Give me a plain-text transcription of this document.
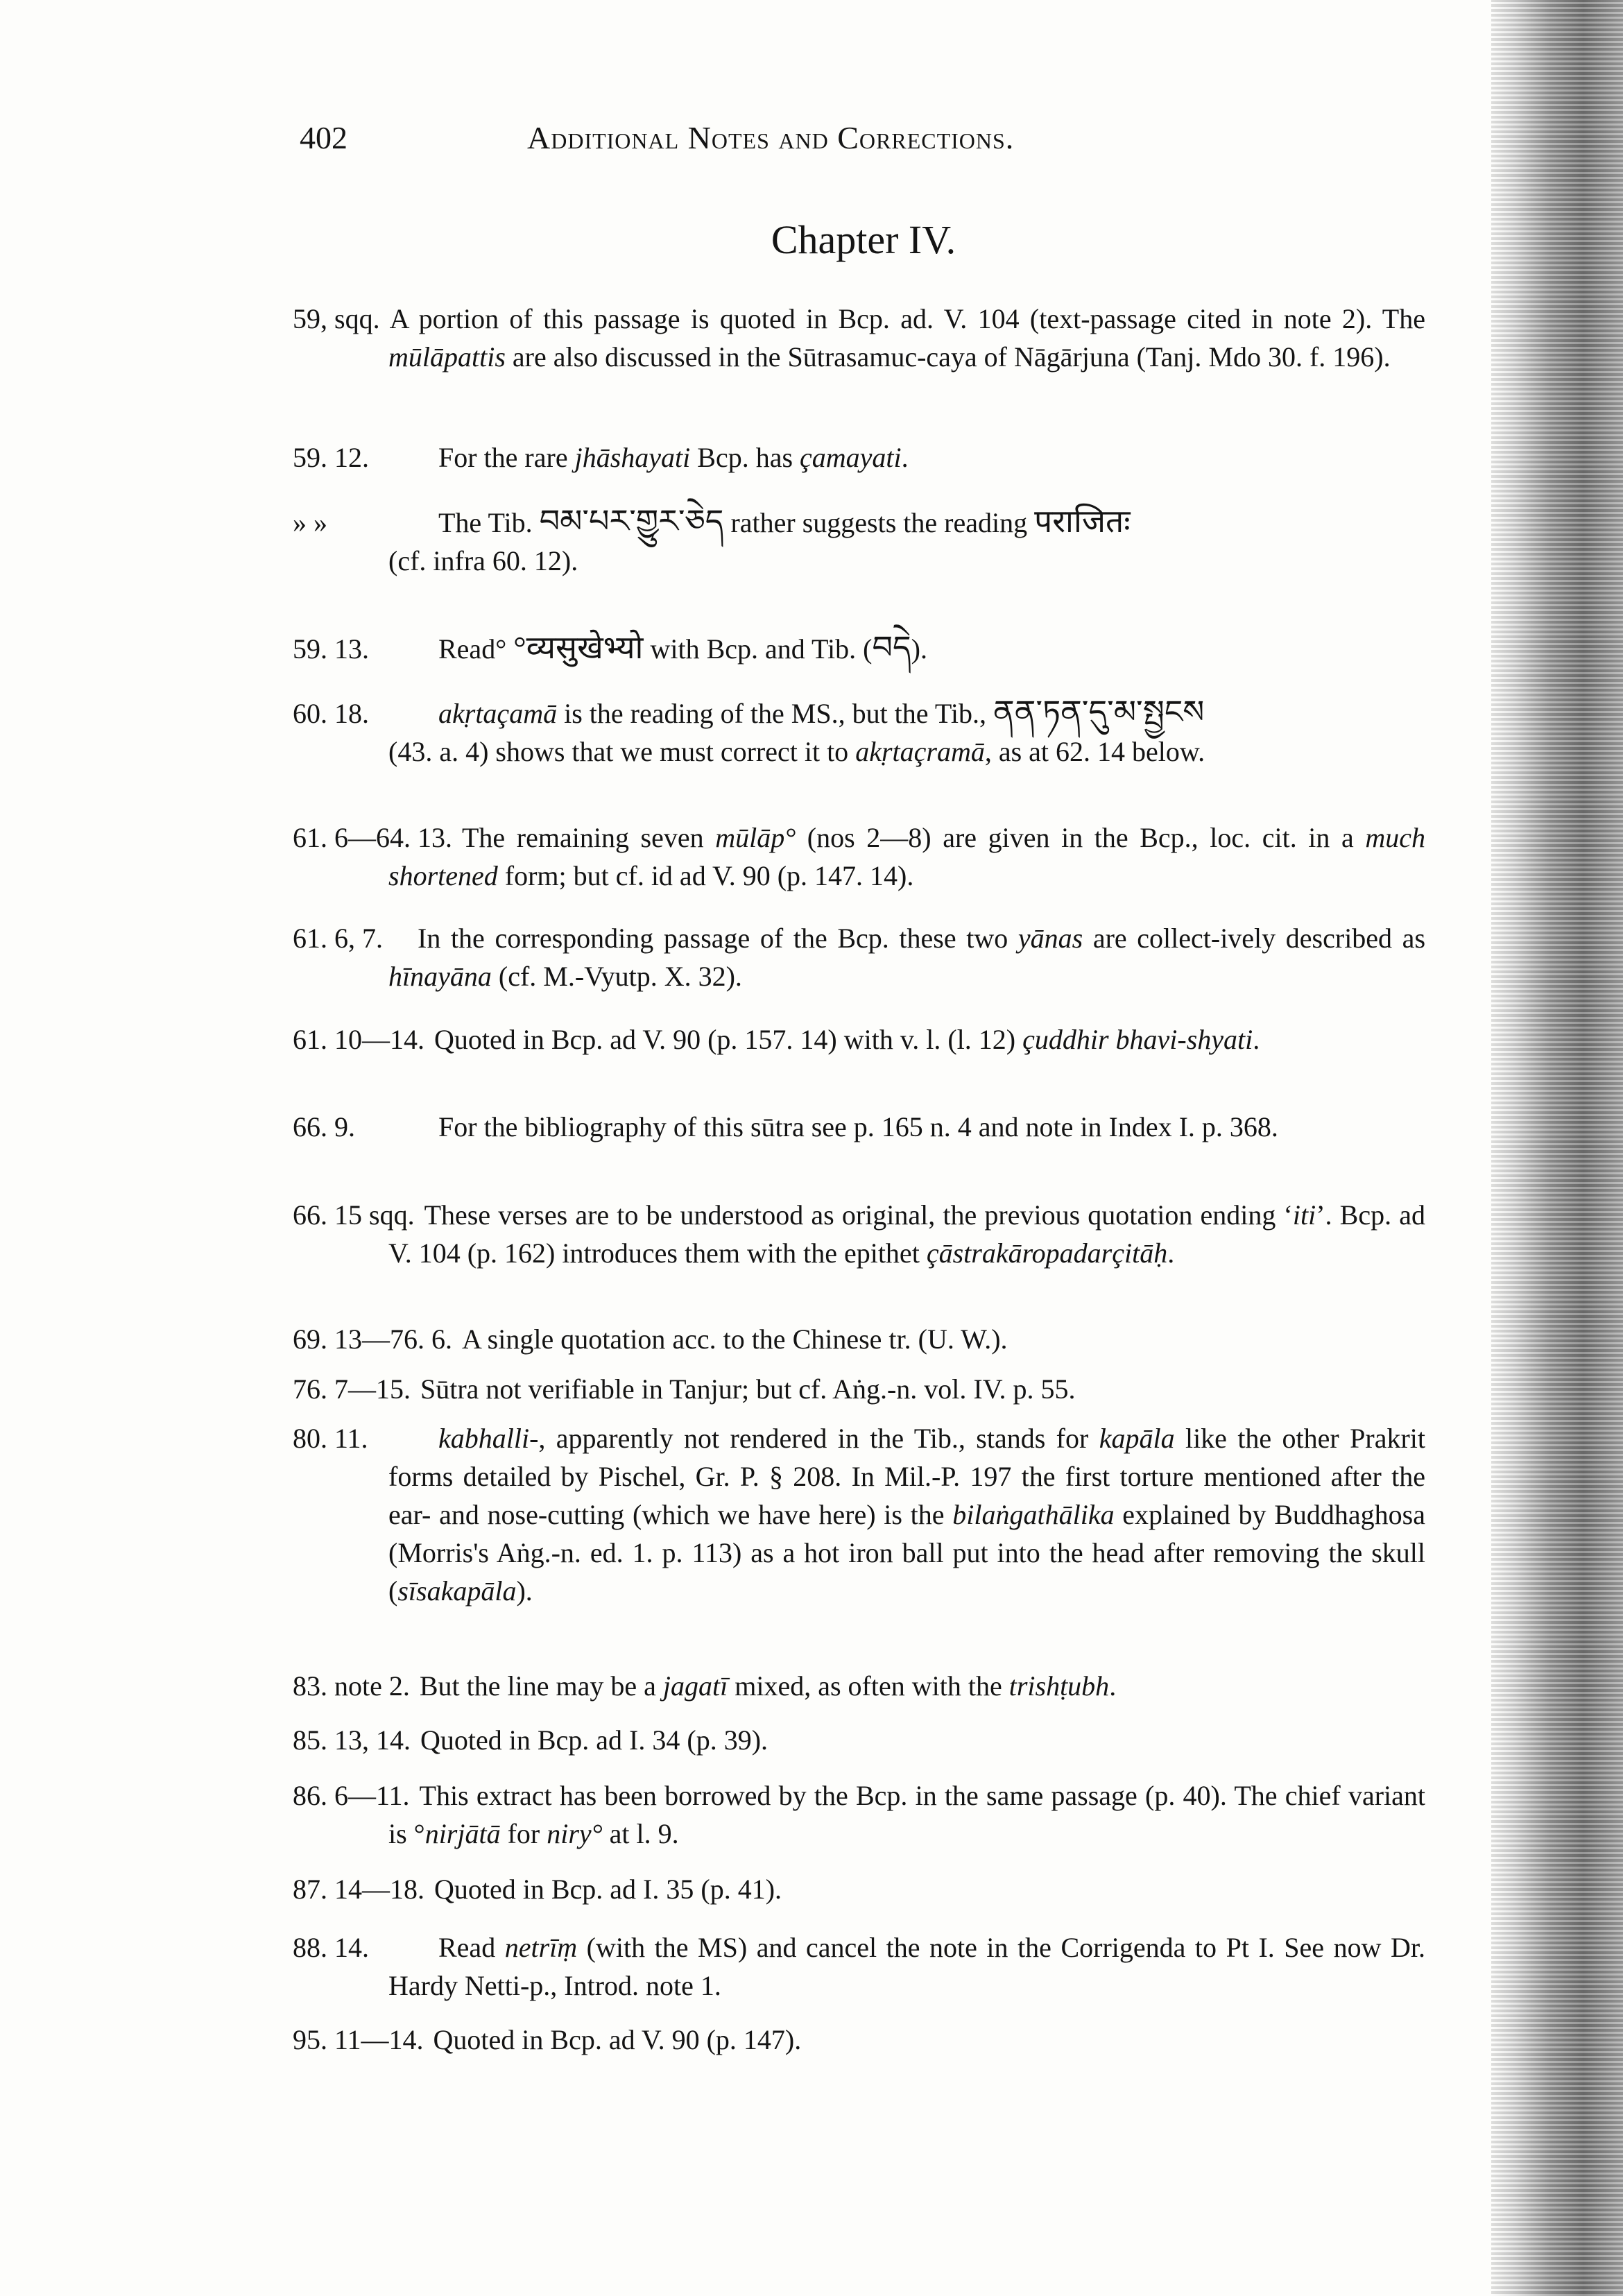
402	Additional Notes and Corrections.
Chapter IV.
59, sqq. A portion of this passage is quoted in Bcp. ad. V. 104 (text-passage cited in note 2). The mūlāpattis are also discussed in the Sūtrasamuc-caya of Nāgārjuna (Tanj. Mdo 30. f. 196).
59. 12.	For the rare jhāshayati Bcp. has çamayati.
» »	The Tib. བམ་པར་གྱུར་ཅེད rather suggests the reading पराजितः
(cf. infra 60. 12).
59. 13.	Read° °व्यसुखेभ्यो with Bcp. and Tib. (བདེ).
60. 18.	akṛtaçamā is the reading of the MS., but the Tib., ནན་ཏན་དུ་མ་སྤྱངས
(43. a. 4) shows that we must correct it to akṛtaçramā, as at 62. 14 below.
61. 6—64. 13. The remaining seven mūlāp° (nos 2—8) are given in the Bcp., loc. cit. in a much shortened form; but cf. id ad V. 90 (p. 147. 14).
61. 6, 7. In the corresponding passage of the Bcp. these two yānas are collect-ively described as hīnayāna (cf. M.-Vyutp. X. 32).
61. 10—14. Quoted in Bcp. ad V. 90 (p. 157. 14) with v. l. (l. 12) çuddhir bhavi-shyati.
66. 9.	For the bibliography of this sūtra see p. 165 n. 4 and note in Index I. p. 368.
66. 15 sqq. These verses are to be understood as original, the previous quotation ending ‘iti’. Bcp. ad V. 104 (p. 162) introduces them with the epithet çāstrakāropadarçitāḥ.
69. 13—76. 6. A single quotation acc. to the Chinese tr. (U. W.).
76. 7—15. Sūtra not verifiable in Tanjur; but cf. Aṅg.-n. vol. IV. p. 55.
80. 11.	kabhalli-, apparently not rendered in the Tib., stands for kapāla like the other Prakrit forms detailed by Pischel, Gr. P. § 208. In Mil.-P. 197 the first torture mentioned after the ear- and nose-cutting (which we have here) is the bilaṅgathālika explained by Buddhaghosa (Morris's Aṅg.-n. ed. 1. p. 113) as a hot iron ball put into the head after removing the skull (sīsakapāla).
83. note 2. But the line may be a jagatī mixed, as often with the trishṭubh.
85. 13, 14. Quoted in Bcp. ad I. 34 (p. 39).
86. 6—11. This extract has been borrowed by the Bcp. in the same passage (p. 40). The chief variant is °nirjātā for niry° at l. 9.
87. 14—18. Quoted in Bcp. ad I. 35 (p. 41).
88. 14.	Read netrīṃ (with the MS) and cancel the note in the Corrigenda to Pt I. See now Dr. Hardy Netti-p., Introd. note 1.
95. 11—14. Quoted in Bcp. ad V. 90 (p. 147).
